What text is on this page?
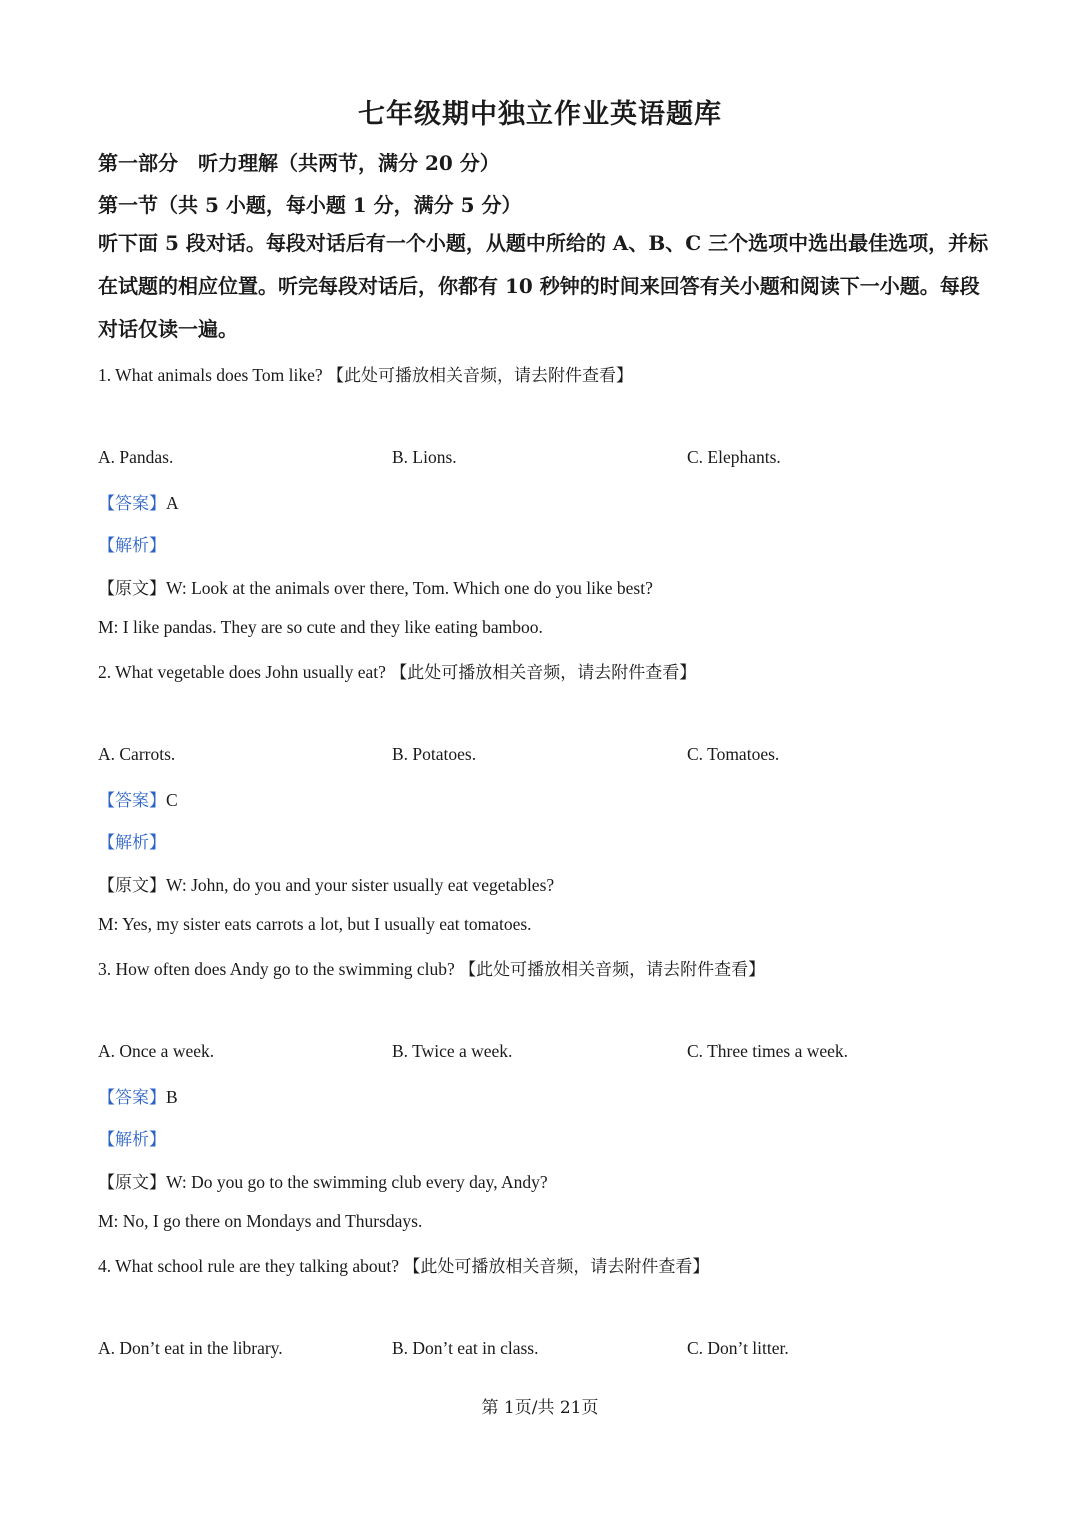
七年级期中独立作业英语题库
第一部分　听力理解（共两节，满分 20 分）
第一节（共 5 小题，每小题 1 分，满分 5 分）
听下面 5 段对话。每段对话后有一个小题，从题中所给的 A、B、C 三个选项中选出最佳选项，并标在试题的相应位置。听完每段对话后，你都有 10 秒钟的时间来回答有关小题和阅读下一小题。每段对话仅读一遍。
1. What animals does Tom like? 【此处可播放相关音频，请去附件查看】
A. Pandas.	B. Lions.	C. Elephants.
【答案】A
【解析】
【原文】W: Look at the animals over there, Tom. Which one do you like best?
M: I like pandas. They are so cute and they like eating bamboo.
2. What vegetable does John usually eat? 【此处可播放相关音频，请去附件查看】
A. Carrots.	B. Potatoes.	C. Tomatoes.
【答案】C
【解析】
【原文】W: John, do you and your sister usually eat vegetables?
M: Yes, my sister eats carrots a lot, but I usually eat tomatoes.
3. How often does Andy go to the swimming club? 【此处可播放相关音频，请去附件查看】
A. Once a week.	B. Twice a week.	C. Three times a week.
【答案】B
【解析】
【原文】W: Do you go to the swimming club every day, Andy?
M: No, I go there on Mondays and Thursdays.
4. What school rule are they talking about? 【此处可播放相关音频，请去附件查看】
A. Don’t eat in the library.	B. Don’t eat in class.	C. Don’t litter.
第 1页/共 21页
